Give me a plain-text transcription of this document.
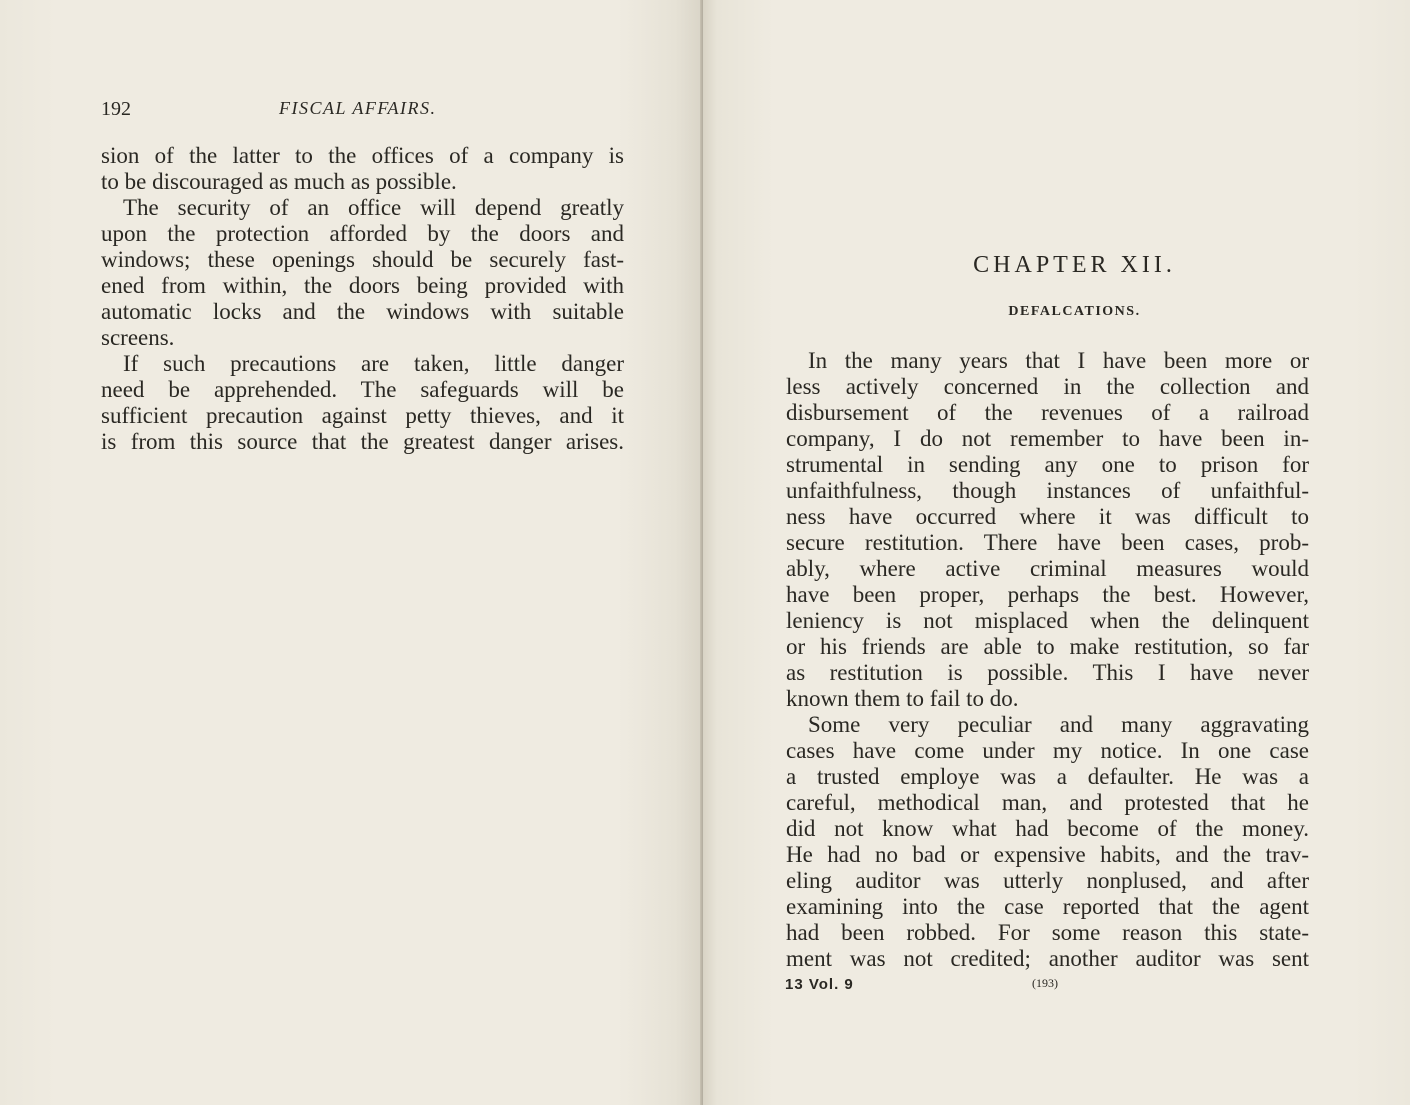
192	FISCAL AFFAIRS.
sion of the latter to the offices of a company is
to be discouraged as much as possible.
The security of an office will depend greatly
upon the protection afforded by the doors and
windows; these openings should be securely fast-
ened from within, the doors being provided with
automatic locks and the windows with suitable
screens.
If such precautions are taken, little danger
need be apprehended. The safeguards will be
sufficient precaution against petty thieves, and it
is from this source that the greatest danger arises.
CHAPTER XII.
DEFALCATIONS.
In the many years that I have been more or
less actively concerned in the collection and
disbursement of the revenues of a railroad
company, I do not remember to have been in-
strumental in sending any one to prison for
unfaithfulness, though instances of unfaithful-
ness have occurred where it was difficult to
secure restitution. There have been cases, prob-
ably, where active criminal measures would
have been proper, perhaps the best. However,
leniency is not misplaced when the delinquent
or his friends are able to make restitution, so far
as restitution is possible. This I have never
known them to fail to do.
Some very peculiar and many aggravating
cases have come under my notice. In one case
a trusted employe was a defaulter. He was a
careful, methodical man, and protested that he
did not know what had become of the money.
He had no bad or expensive habits, and the trav-
eling auditor was utterly nonplused, and after
examining into the case reported that the agent
had been robbed. For some reason this state-
ment was not credited; another auditor was sent
13 Vol. 9	(193)
